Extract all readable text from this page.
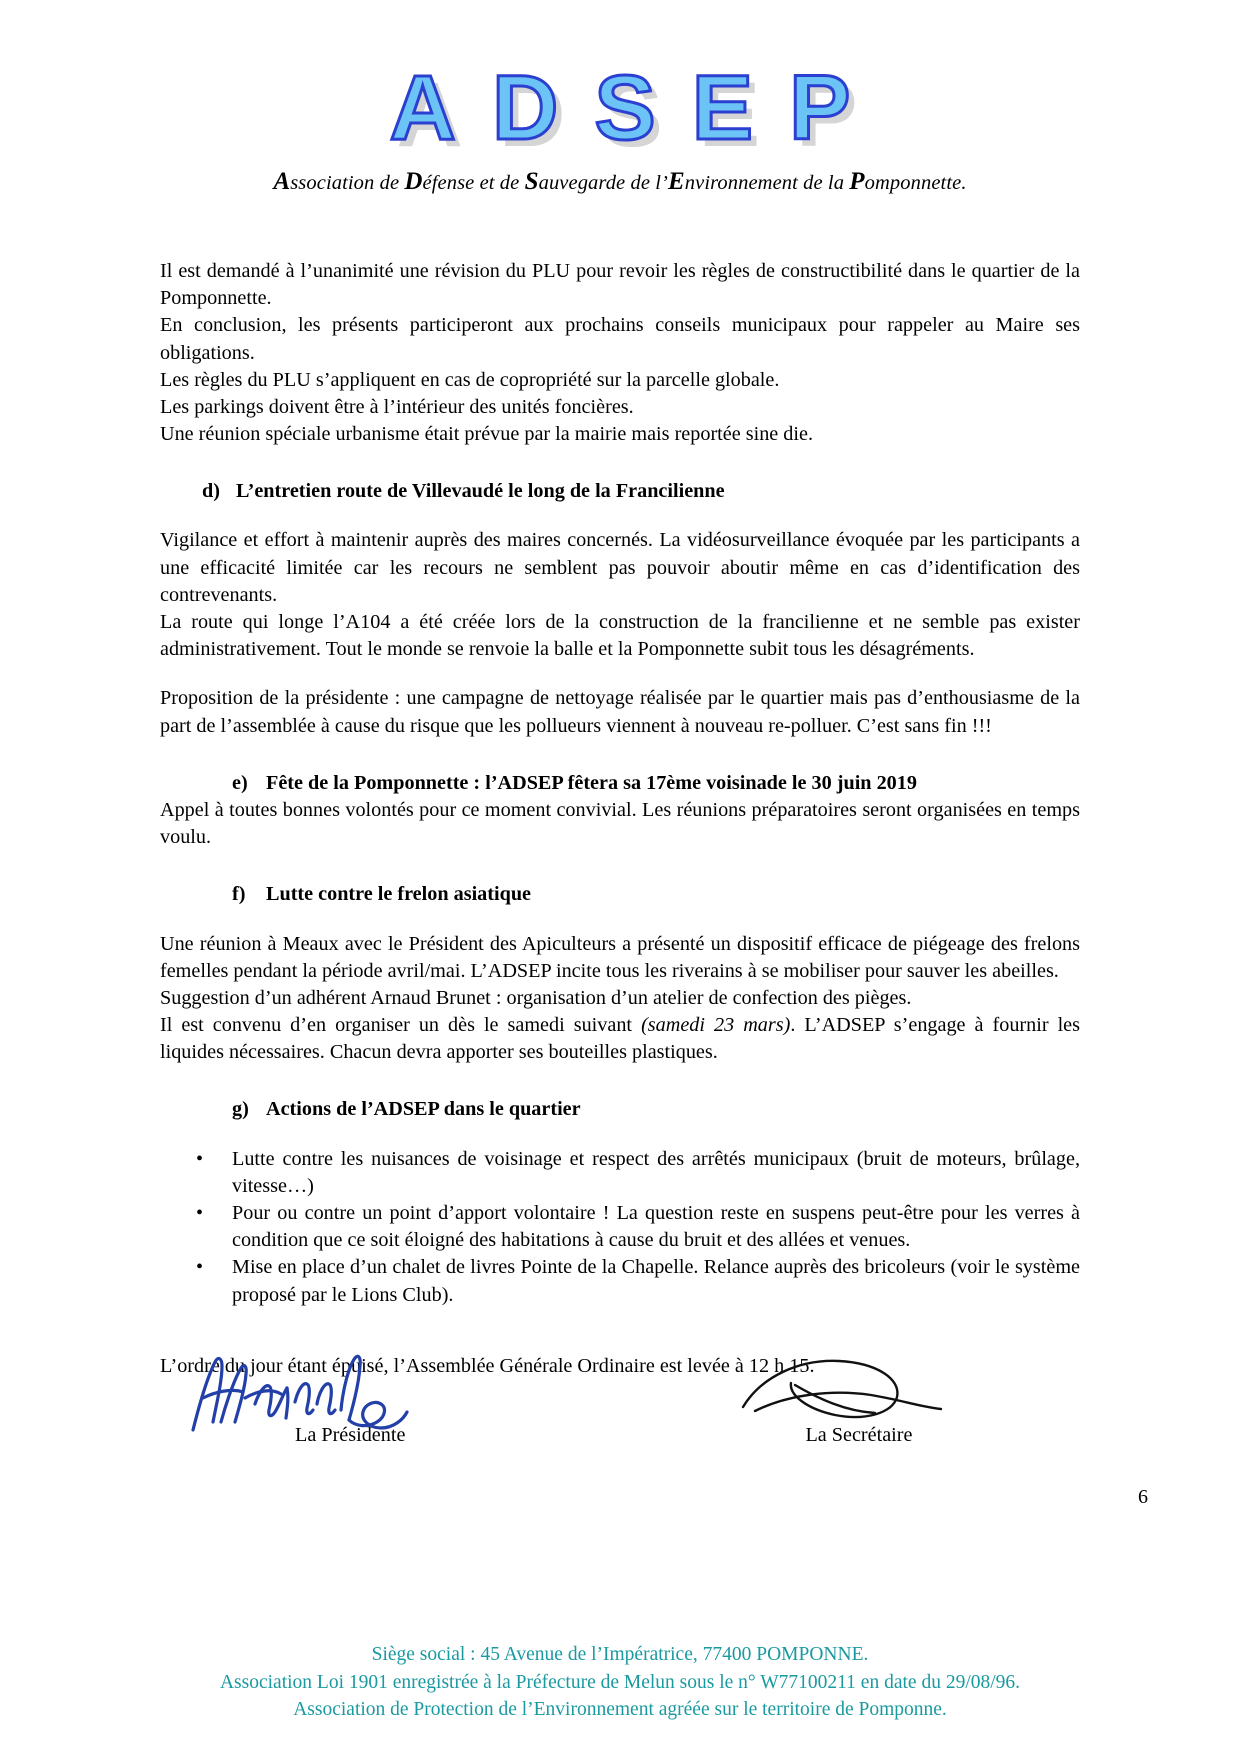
ADSEP
Association de Défense et de Sauvegarde de l’Environnement de la Pomponnette.

Il est demandé à l’unanimité une révision du PLU pour revoir les règles de constructibilité dans le quartier de la Pomponnette.

En conclusion, les présents participeront aux prochains conseils municipaux pour rappeler au Maire ses obligations.

Les règles du PLU s’appliquent en cas de copropriété sur la parcelle globale.

Les parkings doivent être à l’intérieur des unités foncières.

Une réunion spéciale urbanisme était prévue par la mairie mais reportée sine die.

d) L’entretien route de Villevaudé le long de la Francilienne

Vigilance et effort à maintenir auprès des maires concernés. La vidéosurveillance évoquée par les participants a une efficacité limitée car les recours ne semblent pas pouvoir aboutir même en cas d’identification des contrevenants.

La route qui longe l’A104 a été créée lors de la construction de la francilienne et ne semble pas exister administrativement. Tout le monde se renvoie la balle et la Pomponnette subit tous les désagréments.

Proposition de la présidente : une campagne de nettoyage réalisée par le quartier mais pas d’enthousiasme de la part de l’assemblée à cause du risque que les pollueurs viennent à nouveau re-polluer. C’est sans fin !!!

e) Fête de la Pomponnette : l’ADSEP fêtera sa 17ème voisinade le 30 juin 2019

Appel à toutes bonnes volontés pour ce moment convivial. Les réunions préparatoires seront organisées en temps voulu.

f) Lutte contre le frelon asiatique

Une réunion à Meaux avec le Président des Apiculteurs a présenté un dispositif efficace de piégeage des frelons femelles pendant la période avril/mai. L’ADSEP incite tous les riverains à se mobiliser pour sauver les abeilles.

Suggestion d’un adhérent Arnaud Brunet : organisation d’un atelier de confection des pièges.

Il est convenu d’en organiser un dès le samedi suivant (samedi 23 mars). L’ADSEP s’engage à fournir les liquides nécessaires. Chacun devra apporter ses bouteilles plastiques.

g) Actions de l’ADSEP dans le quartier
• Lutte contre les nuisances de voisinage et respect des arrêtés municipaux (bruit de moteurs, brûlage, vitesse…)
• Pour ou contre un point d’apport volontaire ! La question reste en suspens peut-être pour les verres à condition que ce soit éloigné des habitations à cause du bruit et des allées et venues.
• Mise en place d’un chalet de livres Pointe de la Chapelle. Relance auprès des bricoleurs (voir le système proposé par le Lions Club).

L’ordre du jour étant épuisé, l’Assemblée Générale Ordinaire est levée à 12 h 15.

La Présidente	La Secrétaire
6
Siège social : 45 Avenue de l’Impératrice, 77400 POMPONNE.
Association Loi 1901 enregistrée à la Préfecture de Melun sous le n° W77100211 en date du 29/08/96.
Association de Protection de l’Environnement agréée sur le territoire de Pomponne.
